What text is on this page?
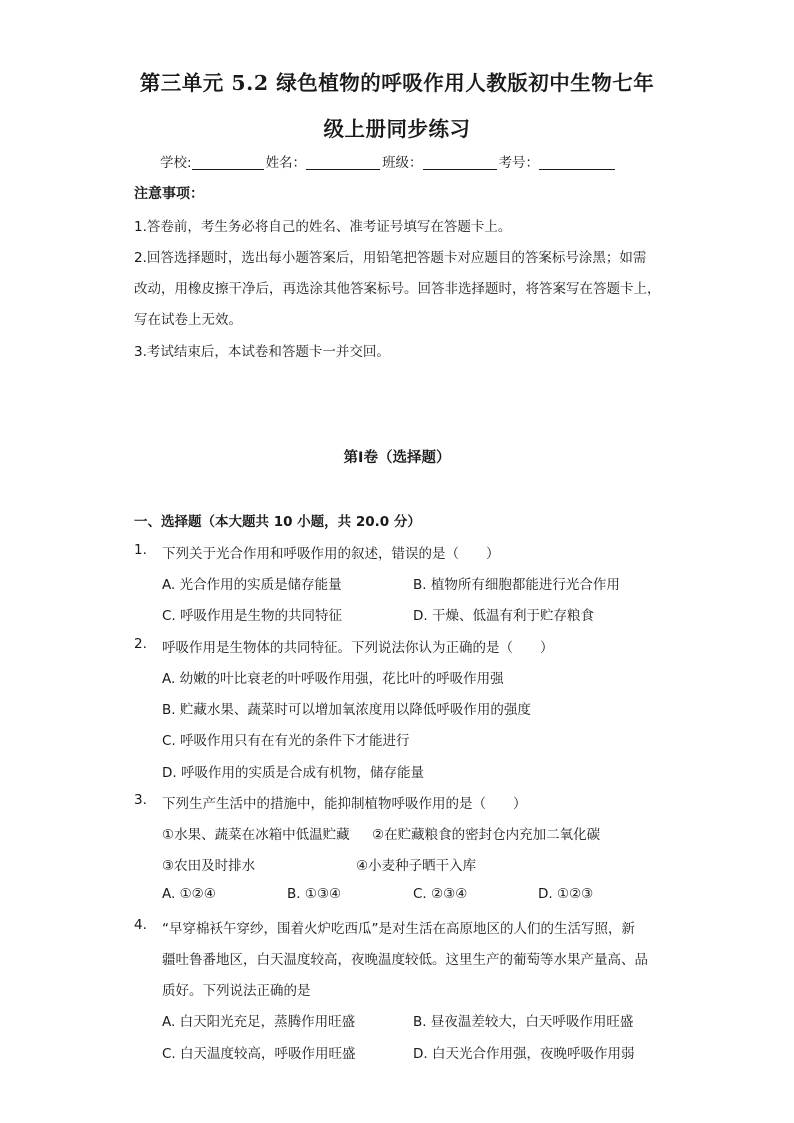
第三单元 5.2 绿色植物的呼吸作用人教版初中生物七年
级上册同步练习
学校:	姓名：	班级：	考号：
注意事项：
1.答卷前，考生务必将自己的姓名、准考证号填写在答题卡上。
2.回答选择题时，选出每小题答案后，用铅笔把答题卡对应题目的答案标号涂黑；如需
改动，用橡皮擦干净后，再选涂其他答案标号。回答非选择题时，将答案写在答题卡上，
写在试卷上无效。
3.考试结束后，本试卷和答题卡一并交回。
第I卷（选择题）
一、选择题（本大题共 10 小题，共 20.0 分）
1. 下列关于光合作用和呼吸作用的叙述，错误的是（　　）
A. 光合作用的实质是储存能量	B. 植物所有细胞都能进行光合作用
C. 呼吸作用是生物的共同特征	D. 干燥、低温有利于贮存粮食
2. 呼吸作用是生物体的共同特征。下列说法你认为正确的是（　　）
A. 幼嫩的叶比衰老的叶呼吸作用强，花比叶的呼吸作用强
B. 贮藏水果、蔬菜时可以增加氧浓度用以降低呼吸作用的强度
C. 呼吸作用只有在有光的条件下才能进行
D. 呼吸作用的实质是合成有机物，储存能量
3. 下列生产生活中的措施中，能抑制植物呼吸作用的是（　　）
①水果、蔬菜在冰箱中低温贮藏 ②在贮藏粮食的密封仓内充加二氧化碳
③农田及时排水	④小麦种子晒干入库
A. ①②④	B. ①③④	C. ②③④	D. ①②③
4. “早穿棉袄午穿纱，围着火炉吃西瓜”是对生活在高原地区的人们的生活写照，新
疆吐鲁番地区，白天温度较高，夜晚温度较低。这里生产的葡萄等水果产量高、品
质好。下列说法正确的是
A. 白天阳光充足，蒸腾作用旺盛	B. 昼夜温差较大，白天呼吸作用旺盛
C. 白天温度较高，呼吸作用旺盛	D. 白天光合作用强，夜晚呼吸作用弱
